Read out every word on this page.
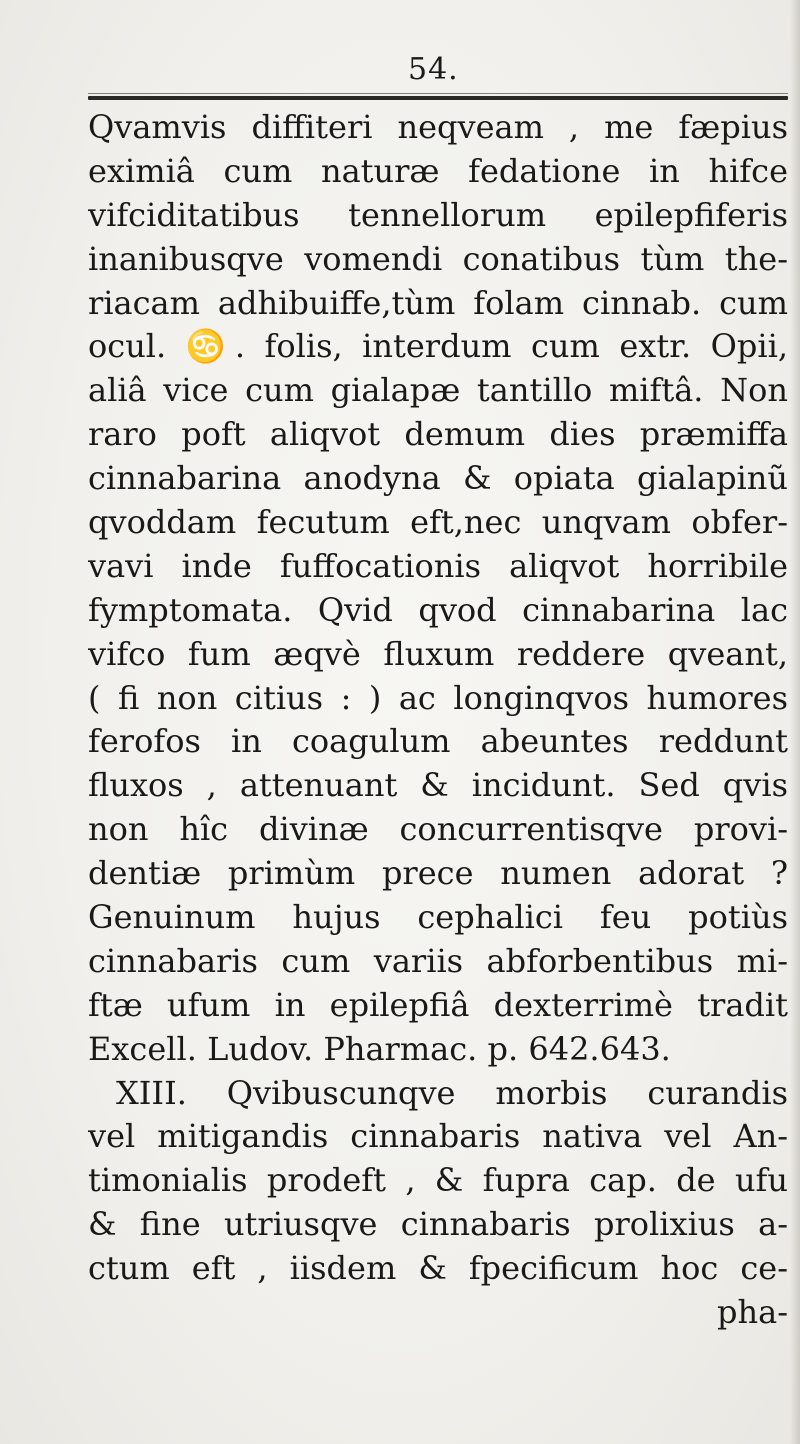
54.
Qvamvis diffiteri neqveam , me fæpius
eximiâ cum naturæ fedatione in hifce
vifciditatibus tennellorum epilepfiferis
inanibusqve vomendi conatibus tùm the-
riacam adhibuiffe,tùm folam cinnab. cum
ocul. ♋. folis, interdum cum extr. Opii,
aliâ vice cum gialapæ tantillo miftâ. Non
raro poft aliqvot demum dies præmiffa
cinnabarina anodyna & opiata gialapinũ
qvoddam fecutum eft,nec unqvam obfer-
vavi inde fuffocationis aliqvot horribile
fymptomata. Qvid qvod cinnabarina lac
vifco fum æqvè fluxum reddere qveant,
( fi non citius : ) ac longinqvos humores
ferofos in coagulum abeuntes reddunt
fluxos , attenuant & incidunt. Sed qvis
non hîc divinæ concurrentisqve provi-
dentiæ primùm prece numen adorat ?
Genuinum hujus cephalici feu potiùs
cinnabaris cum variis abforbentibus mi-
ftæ ufum in epilepfiâ dexterrimè tradit
Excell. Ludov. Pharmac. p. 642.643.
XIII. Qvibuscunqve morbis curandis
vel mitigandis cinnabaris nativa vel An-
timonialis prodeft , & fupra cap. de ufu
& fine utriusqve cinnabaris prolixius a-
ctum eft , iisdem & fpecificum hoc ce-
pha-
